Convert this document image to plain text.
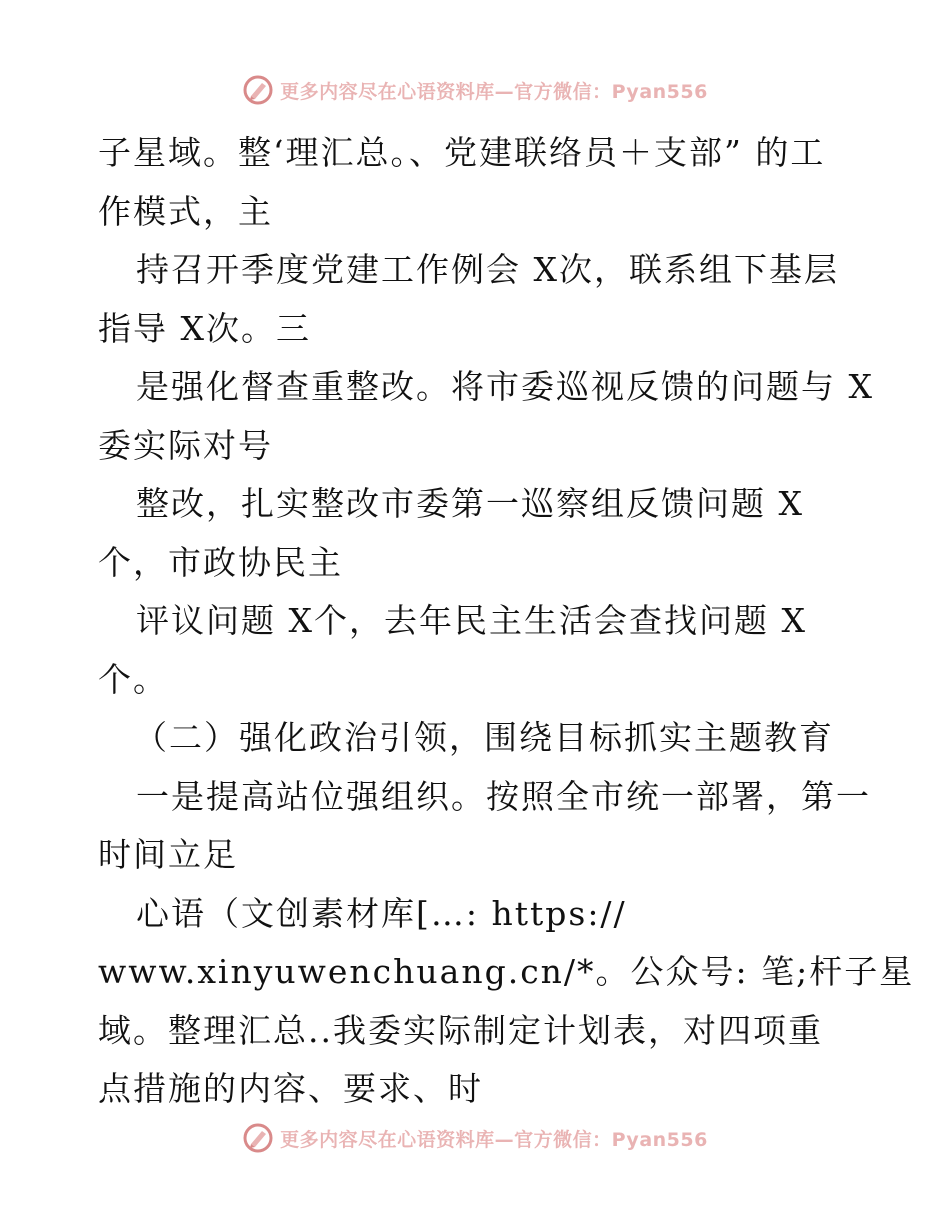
更多内容尽在心语资料库—官方微信：Pyan556
子星域。整‘理汇总。、党建联络员＋支部” 的工
作模式，主
持召开季度党建工作例会 X次，联系组下基层
指导 X次。三
是强化督查重整改。将市委巡视反馈的问题与 X
委实际对号
整改，扎实整改市委第一巡察组反馈问题 X
个，市政协民主
评议问题 X个，去年民主生活会查找问题 X
个。
（二）强化政治引领，围绕目标抓实主题教育
一是提高站位强组织。按照全市统一部署，第一
时间立足
心语（文创素材库[…: https://
www.xinyuwenchuang.cn/*。公众号: 笔;杆子星
域。整理汇总..我委实际制定计划表，对四项重
点措施的内容、要求、时
更多内容尽在心语资料库—官方微信：Pyan556
